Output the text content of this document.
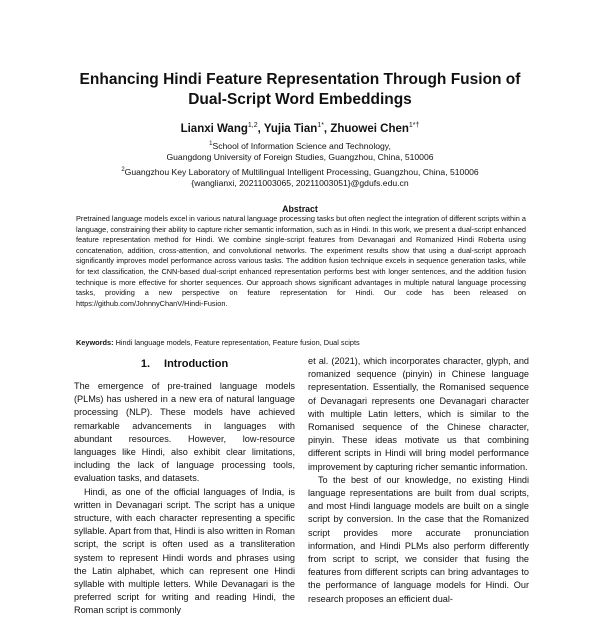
Enhancing Hindi Feature Representation Through Fusion of
Dual-Script Word Embeddings
Lianxi Wang$^{1,2}$, Yujia Tian$^{1*}$, Zhuowei Chen$^{1*\dagger}$
$^1$School of Information Science and Technology,
Guangdong University of Foreign Studies, Guangzhou, China, 510006
$^2$Guangzhou Key Laboratory of Multilingual Intelligent Processing, Guangzhou, China, 510006
{wanglianxi, 20211003065, 20211003051}@gdufs.edu.cn
Abstract
Pretrained language models excel in various natural language processing tasks but often neglect the integration of different scripts within a language, constraining their ability to capture richer semantic information, such as in Hindi. In this work, we present a dual-script enhanced feature representation method for Hindi. We combine single-script features from Devanagari and Romanized Hindi Roberta using concatenation, addition, cross-attention, and convolutional networks. The experiment results show that using a dual-script approach significantly improves model performance across various tasks. The addition fusion technique excels in sequence generation tasks, while for text classification, the CNN-based dual-script enhanced representation performs best with longer sentences, and the addition fusion technique is more effective for shorter sequences. Our approach shows significant advantages in multiple natural language processing tasks, providing a new perspective on feature representation for Hindi. Our code has been released on https://github.com/JohnnyChanV/Hindi-Fusion.
Keywords: Hindi language models, Feature representation, Feature fusion, Dual scipts
1. Introduction

The emergence of pre-trained language models (PLMs) has ushered in a new era of natural language processing (NLP). These models have achieved remarkable advancements in languages with abundant resources. However, low-resource languages like Hindi, also exhibit clear limitations, including the lack of language processing tools, evaluation tasks, and datasets.

Hindi, as one of the official languages of India, is written in Devanagari script. The script has a unique structure, with each character representing a specific syllable. Apart from that, Hindi is also written in Roman script, the script is often used as a transliteration system to represent Hindi words and phrases using the Latin alphabet, which can represent one Hindi syllable with multiple letters. While Devanagari is the preferred script for writing and reading Hindi, the Roman script is commonly

et al. (2021), which incorporates character, glyph, and romanized sequence (pinyin) in Chinese language representation. Essentially, the Romanised sequence of Devanagari represents one Devanagari character with multiple Latin letters, which is similar to the Romanised sequence of the Chinese character, pinyin. These ideas motivate us that combining different scripts in Hindi will bring model performance improvement by capturing richer semantic information.

To the best of our knowledge, no existing Hindi language representations are built from dual scripts, and most Hindi language models are built on a single script by conversion. In the case that the Romanized script provides more accurate pronunciation information, and Hindi PLMs also perform differently from script to script, we consider that fusing the features from different scripts can bring advantages to the performance of language models for Hindi. Our research proposes an efficient dual-
